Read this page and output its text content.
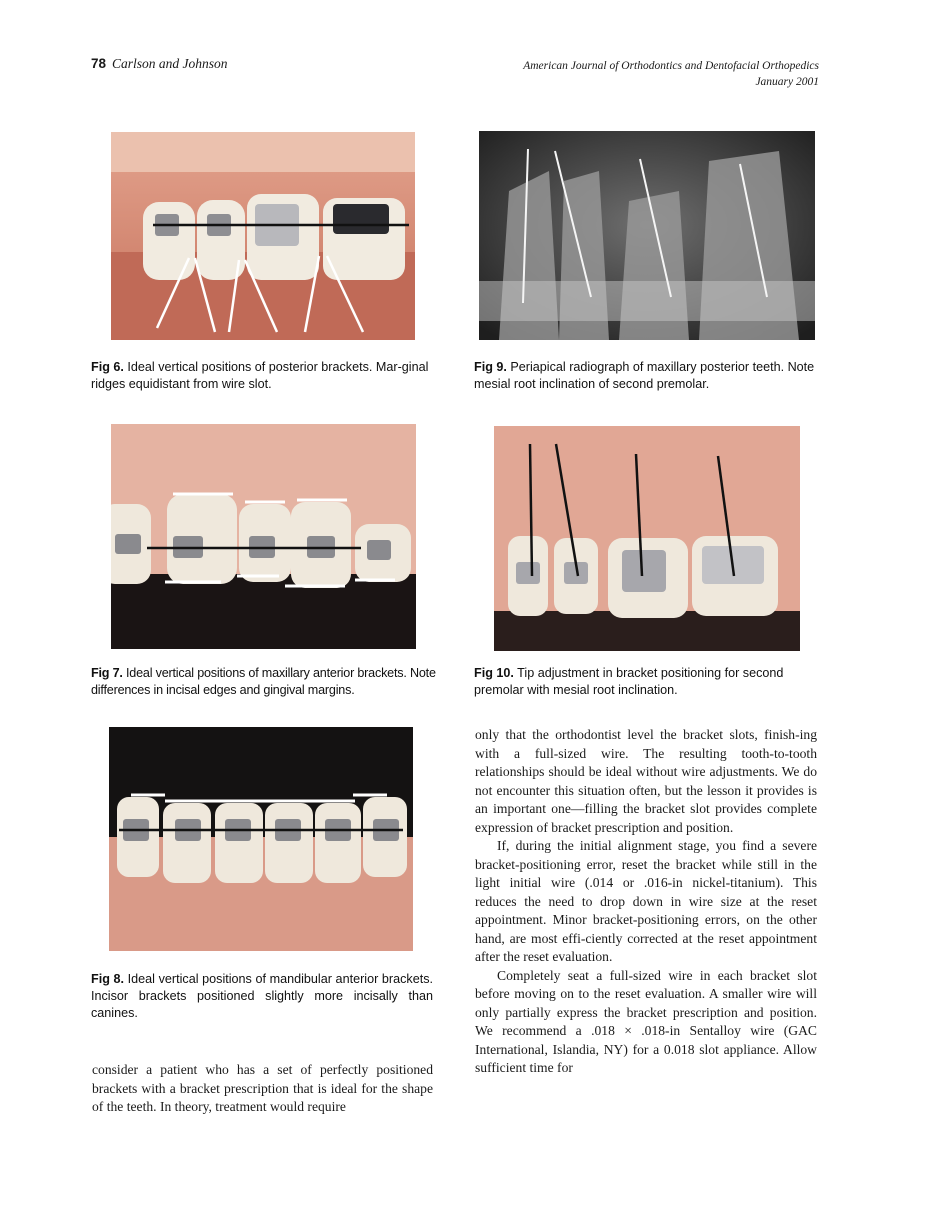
78 Carlson and Johnson	American Journal of Orthodontics and Dentofacial Orthopedics
January 2001
Fig 6. Ideal vertical positions of posterior brackets. Mar-ginal ridges equidistant from wire slot.
Fig 9. Periapical radiograph of maxillary posterior teeth. Note mesial root inclination of second premolar.
Fig 7. Ideal vertical positions of maxillary anterior brackets. Note differences in incisal edges and gingival margins.
Fig 10. Tip adjustment in bracket positioning for second premolar with mesial root inclination.
Fig 8. Ideal vertical positions of mandibular anterior brackets. Incisor brackets positioned slightly more incisally than canines.

consider a patient who has a set of perfectly positioned brackets with a bracket prescription that is ideal for the shape of the teeth. In theory, treatment would require

only that the orthodontist level the bracket slots, finish-ing with a full-sized wire. The resulting tooth-to-tooth relationships should be ideal without wire adjustments. We do not encounter this situation often, but the lesson it provides is an important one—filling the bracket slot provides complete expression of bracket prescription and position.

If, during the initial alignment stage, you find a severe bracket-positioning error, reset the bracket while still in the light initial wire (.014 or .016-in nickel-titanium). This reduces the need to drop down in wire size at the reset appointment. Minor bracket-positioning errors, on the other hand, are most effi-ciently corrected at the reset appointment after the reset evaluation.

Completely seat a full-sized wire in each bracket slot before moving on to the reset evaluation. A smaller wire will only partially express the bracket prescription and position. We recommend a .018 × .018-in Sentalloy wire (GAC International, Islandia, NY) for a 0.018 slot appliance. Allow sufficient time for
